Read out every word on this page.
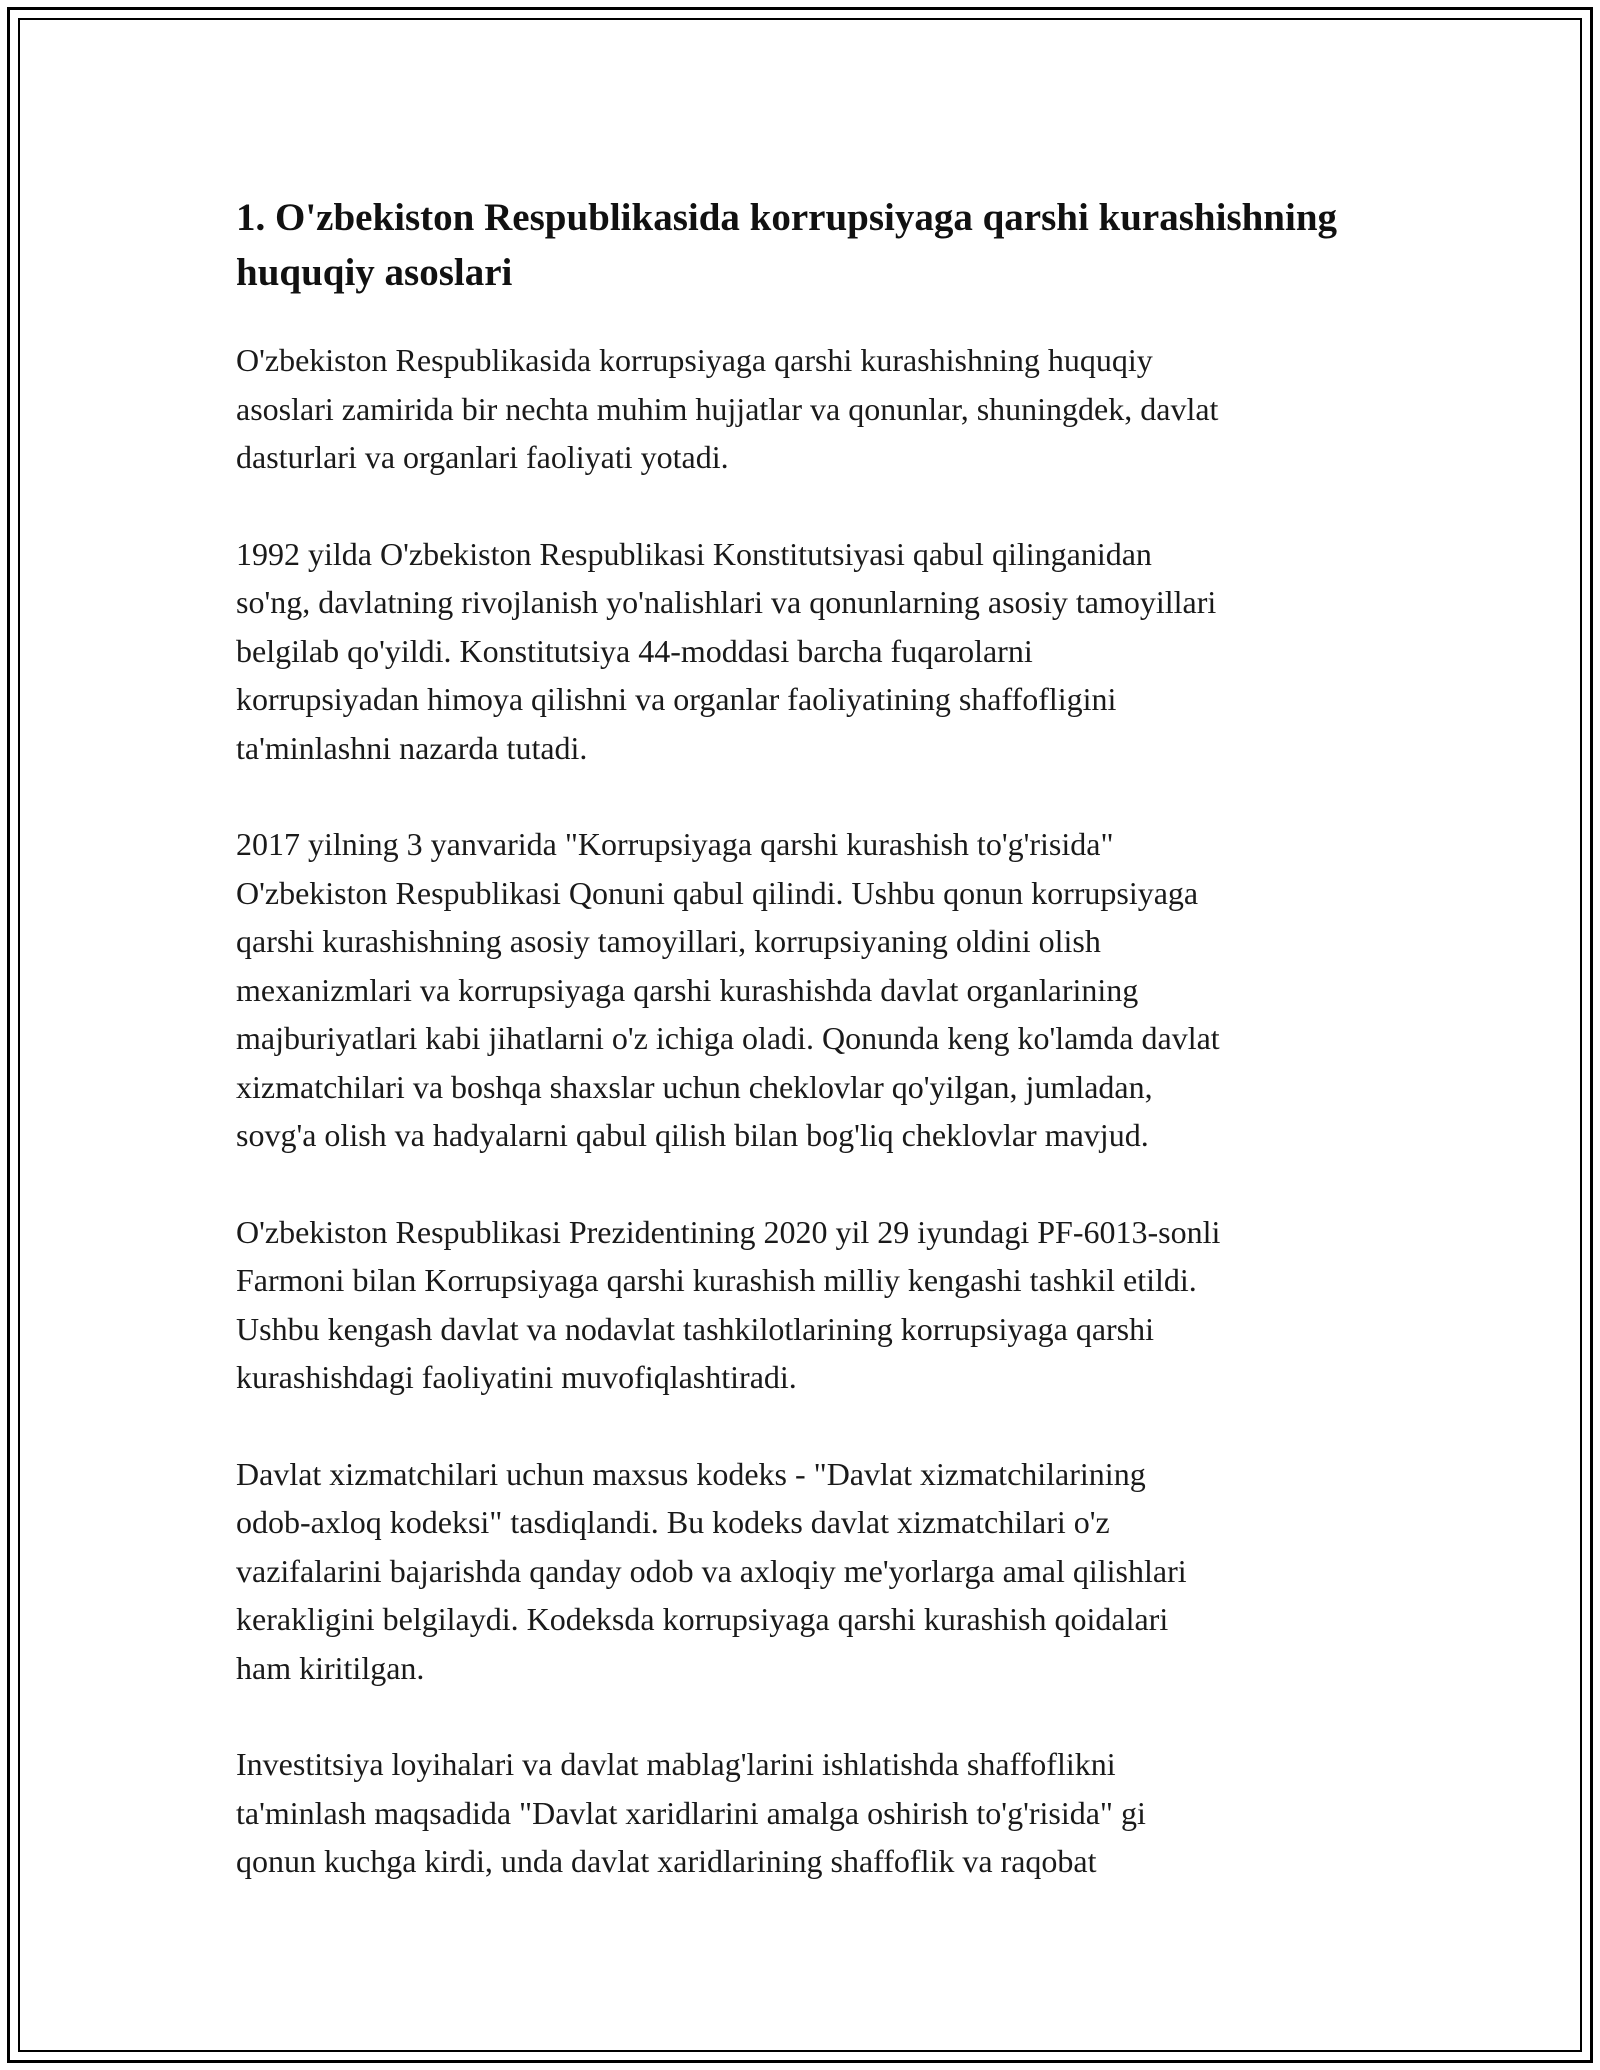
1. O'zbekiston Respublikasida korrupsiyaga qarshi kurashishning huquqiy asoslari

O'zbekiston Respublikasida korrupsiyaga qarshi kurashishning huquqiy
asoslari zamirida bir nechta muhim hujjatlar va qonunlar, shuningdek, davlat
dasturlari va organlari faoliyati yotadi.

1992 yilda O'zbekiston Respublikasi Konstitutsiyasi qabul qilinganidan
so'ng, davlatning rivojlanish yo'nalishlari va qonunlarning asosiy tamoyillari
belgilab qo'yildi. Konstitutsiya 44-moddasi barcha fuqarolarni
korrupsiyadan himoya qilishni va organlar faoliyatining shaffofligini
ta'minlashni nazarda tutadi.

2017 yilning 3 yanvarida "Korrupsiyaga qarshi kurashish to'g'risida"
O'zbekiston Respublikasi Qonuni qabul qilindi. Ushbu qonun korrupsiyaga
qarshi kurashishning asosiy tamoyillari, korrupsiyaning oldini olish
mexanizmlari va korrupsiyaga qarshi kurashishda davlat organlarining
majburiyatlari kabi jihatlarni o'z ichiga oladi. Qonunda keng ko'lamda davlat
xizmatchilari va boshqa shaxslar uchun cheklovlar qo'yilgan, jumladan,
sovg'a olish va hadyalarni qabul qilish bilan bog'liq cheklovlar mavjud.

O'zbekiston Respublikasi Prezidentining 2020 yil 29 iyundagi PF-6013-sonli
Farmoni bilan Korrupsiyaga qarshi kurashish milliy kengashi tashkil etildi.
Ushbu kengash davlat va nodavlat tashkilotlarining korrupsiyaga qarshi
kurashishdagi faoliyatini muvofiqlashtiradi.

Davlat xizmatchilari uchun maxsus kodeks - "Davlat xizmatchilarining
odob-axloq kodeksi" tasdiqlandi. Bu kodeks davlat xizmatchilari o'z
vazifalarini bajarishda qanday odob va axloqiy me'yorlarga amal qilishlari
kerakligini belgilaydi. Kodeksda korrupsiyaga qarshi kurashish qoidalari
ham kiritilgan.

Investitsiya loyihalari va davlat mablag'larini ishlatishda shaffoflikni
ta'minlash maqsadida "Davlat xaridlarini amalga oshirish to'g'risida" gi
qonun kuchga kirdi, unda davlat xaridlarining shaffoflik va raqobat
